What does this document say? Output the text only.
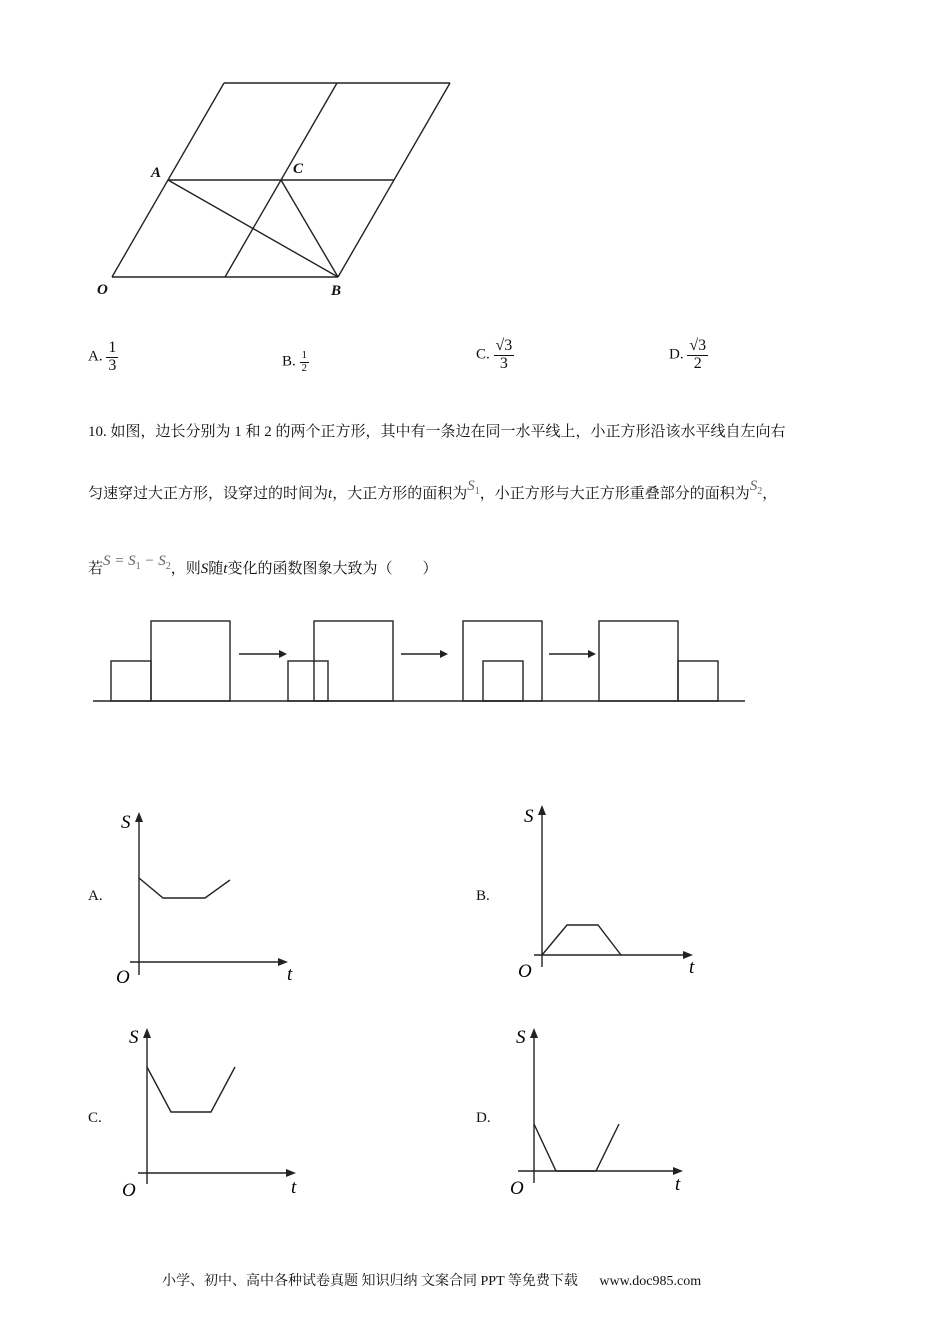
A	C
O	B
A. $\frac{1}{3}$	B. $\frac{1}{2}$	C. $\frac{√3}{3}$	D. $\frac{√3}{2}$
10. 如图，边长分别为 1 和 2 的两个正方形，其中有一条边在同一水平线上，小正方形沿该水平线自左向右
匀速穿过大正方形，设穿过的时间为t，大正方形的面积为$S_1$，小正方形与大正方形重叠部分的面积为$S_2$，
若$S = S_1 - S_2$，则S随t变化的函数图象大致为（　　）
A.
S
t
O
B.
S
t
O
C.
S
t
O
D.
S
t
O
小学、初中、高中各种试卷真题 知识归纳 文案合同 PPT 等免费下载 www.doc985.com
